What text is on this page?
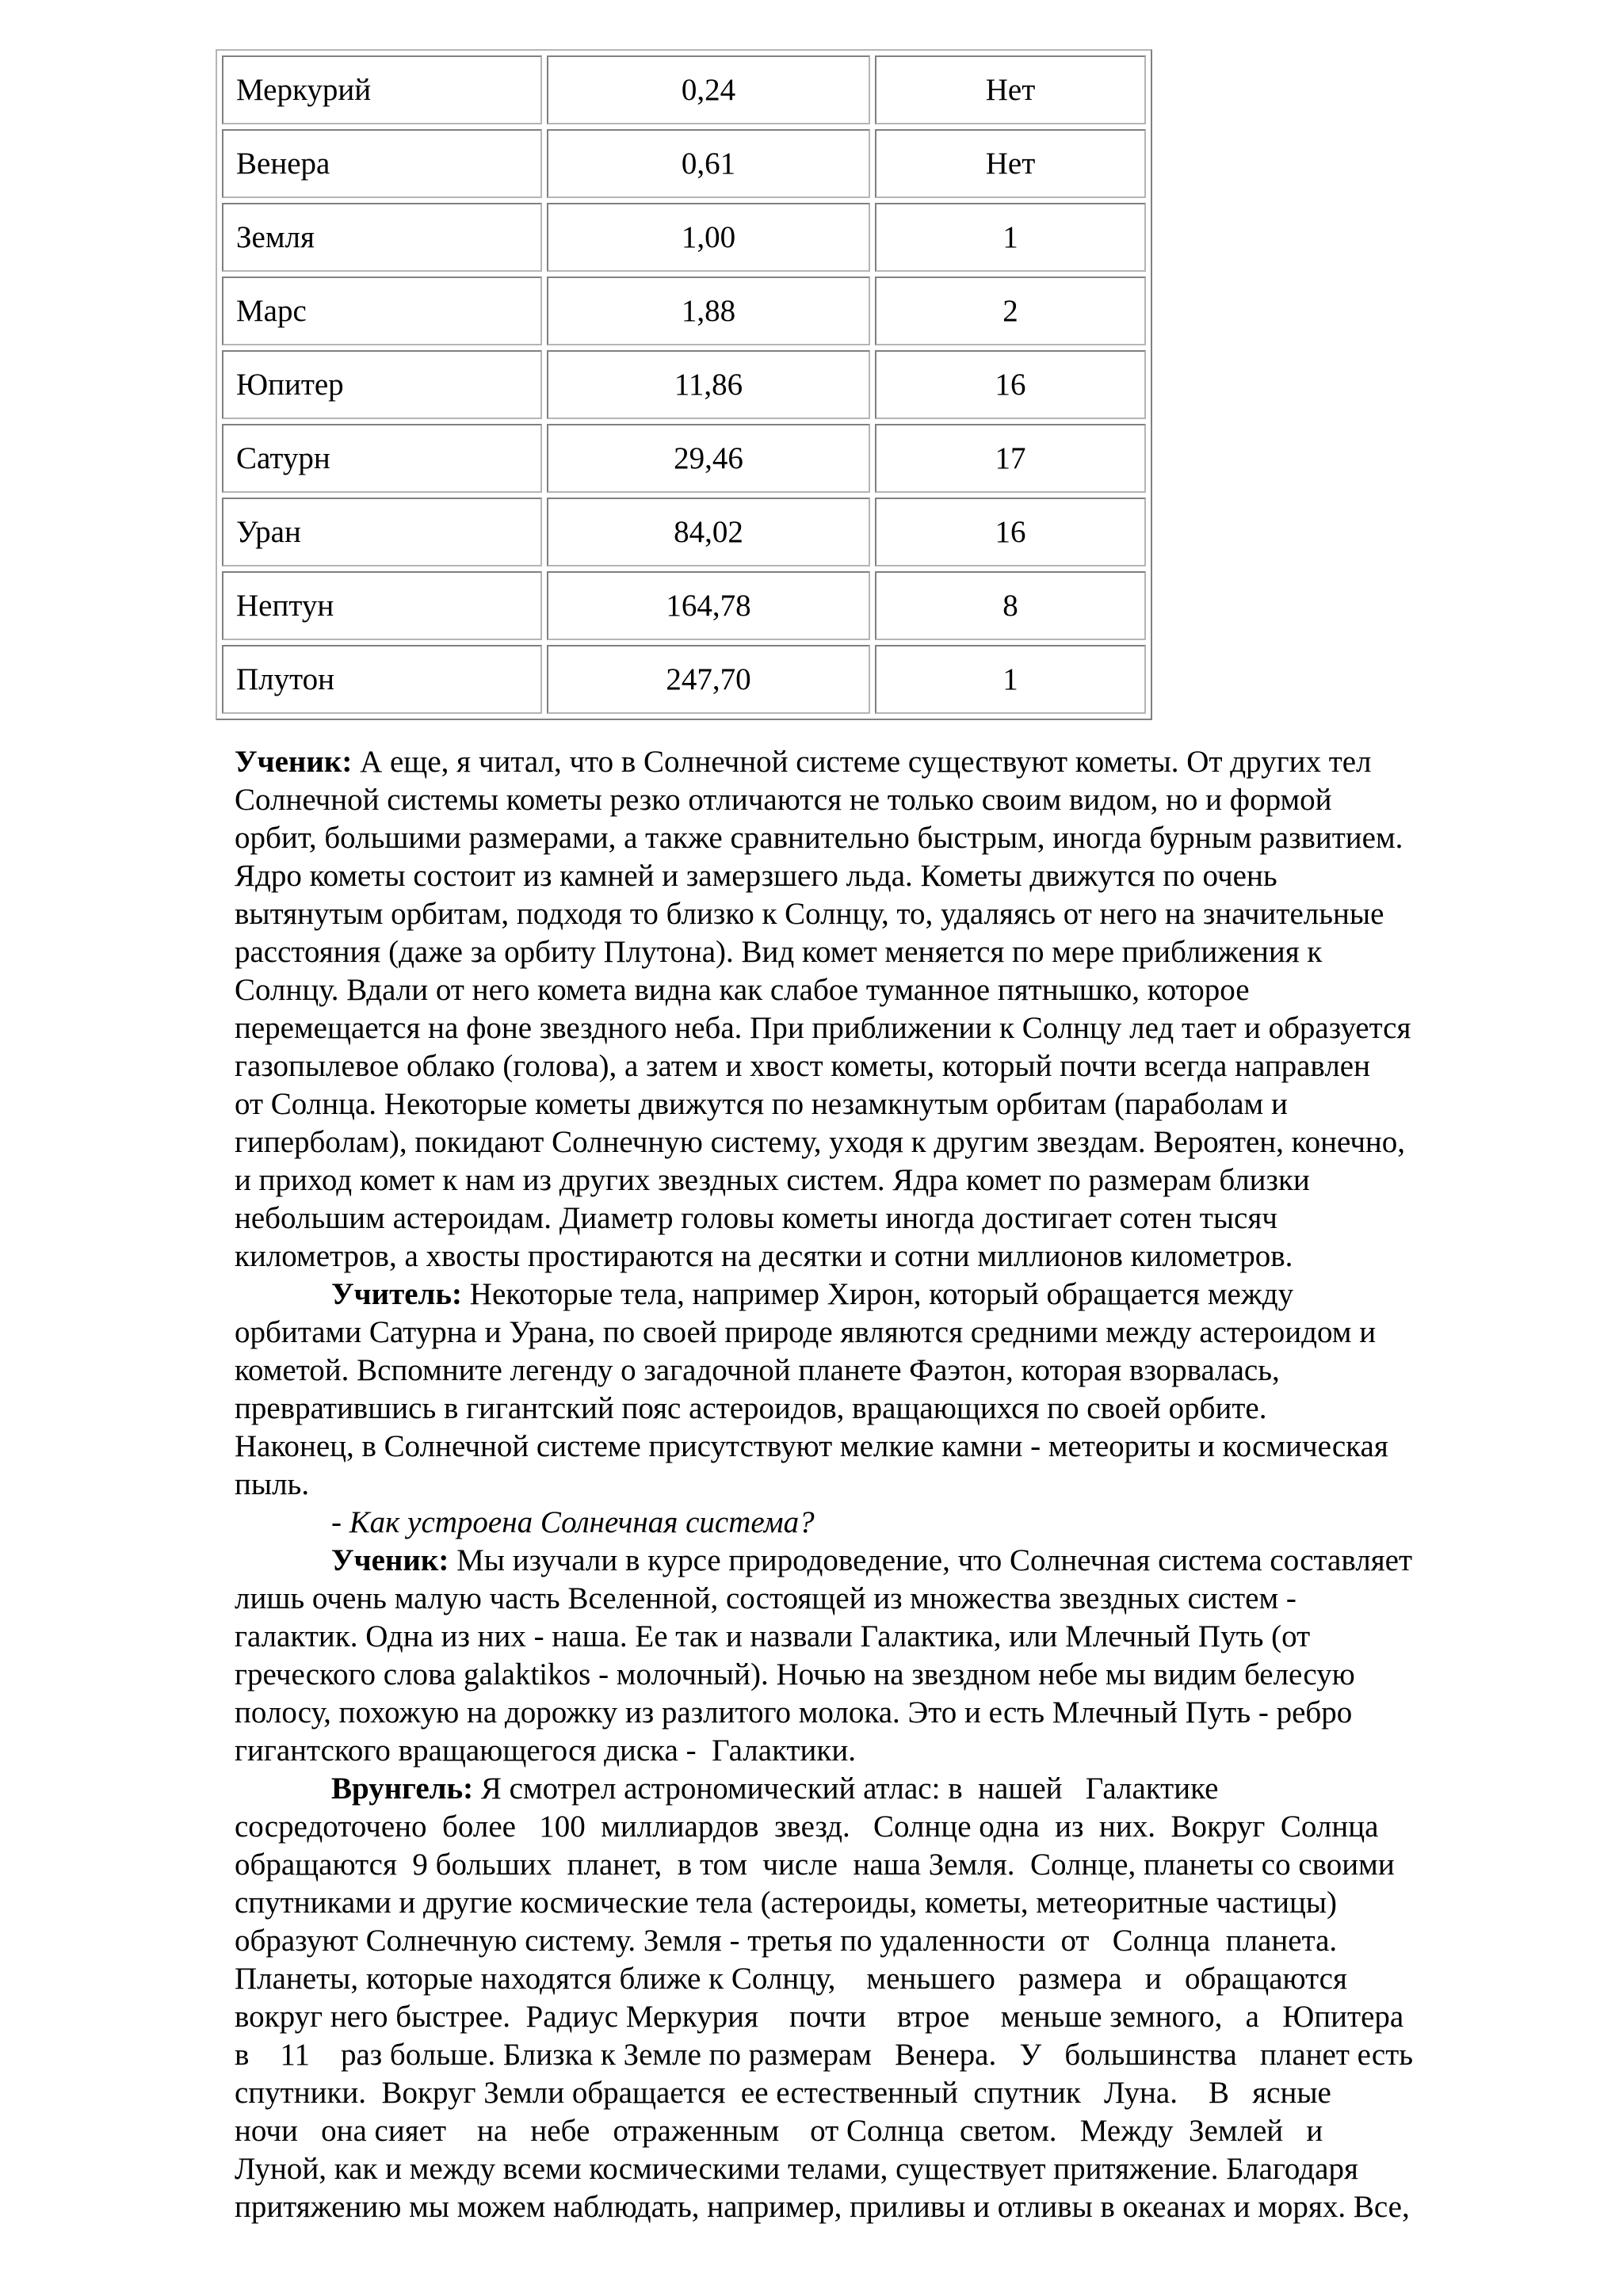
Меркурий	0,24	Нет
Венера	0,61	Нет
Земля	1,00	1
Марс	1,88	2
Юпитер	11,86	16
Сатурн	29,46	17
Уран	84,02	16
Нептун	164,78	8
Плутон	247,70	1
Ученик: А еще, я читал, что в Солнечной системе существуют кометы. От других тел
Солнечной системы кометы резко отличаются не только своим видом, но и формой
орбит, большими размерами, а также сравнительно быстрым, иногда бурным развитием.
Ядро кометы состоит из камней и замерзшего льда. Кометы движутся по очень
вытянутым орбитам, подходя то близко к Солнцу, то, удаляясь от него на значительные
расстояния (даже за орбиту Плутона). Вид комет меняется по мере приближения к
Солнцу. Вдали от него комета видна как слабое туманное пятнышко, которое
перемещается на фоне звездного неба. При приближении к Солнцу лед тает и образуется
газопылевое облако (голова), а затем и хвост кометы, который почти всегда направлен
от Солнца. Некоторые кометы движутся по незамкнутым орбитам (параболам и
гиперболам), покидают Солнечную систему, уходя к другим звездам. Вероятен, конечно,
и приход комет к нам из других звездных систем. Ядра комет по размерам близки
небольшим астероидам. Диаметр головы кометы иногда достигает сотен тысяч
километров, а хвосты простираются на десятки и сотни миллионов километров.
Учитель: Некоторые тела, например Хирон, который обращается между
орбитами Сатурна и Урана, по своей природе являются средними между астероидом и
кометой. Вспомните легенду о загадочной планете Фаэтон, которая взорвалась,
превратившись в гигантский пояс астероидов, вращающихся по своей орбите.
Наконец, в Солнечной системе присутствуют мелкие камни - метеориты и космическая
пыль.
- Как устроена Солнечная система?
Ученик: Мы изучали в курсе природоведение, что Солнечная система составляет
лишь очень малую часть Вселенной, состоящей из множества звездных систем -
галактик. Одна из них - наша. Ее так и назвали Галактика, или Млечный Путь (от
греческого слова galaktikos - молочный). Ночью на звездном небе мы видим белесую
полосу, похожую на дорожку из разлитого молока. Это и есть Млечный Путь - ребро
гигантского вращающегося диска -  Галактики.
Врунгель: Я смотрел астрономический атлас: в  нашей   Галактике
сосредоточено  более   100  миллиардов  звезд.   Солнце одна  из  них.  Вокруг  Солнца
обращаются  9 больших  планет,  в том  числе  наша Земля.  Солнце, планеты со своими
спутниками и другие космические тела (астероиды, кометы, метеоритные частицы)
образуют Солнечную систему. Земля - третья по удаленности  от   Солнца  планета.
Планеты, которые находятся ближе к Солнцу,    меньшего   размера   и   обращаются
вокруг него быстрее.  Радиус Меркурия    почти    втрое    меньше земного,   а   Юпитера
в    11    раз больше. Близка к Земле по размерам   Венера.   У   большинства   планет есть
спутники.  Вокруг Земли обращается  ее естественный  спутник   Луна.    В   ясные
ночи   она сияет    на   небе   отраженным    от Солнца  светом.   Между  Землей   и
Луной, как и между всеми космическими телами, существует притяжение. Благодаря
притяжению мы можем наблюдать, например, приливы и отливы в океанах и морях. Все,
